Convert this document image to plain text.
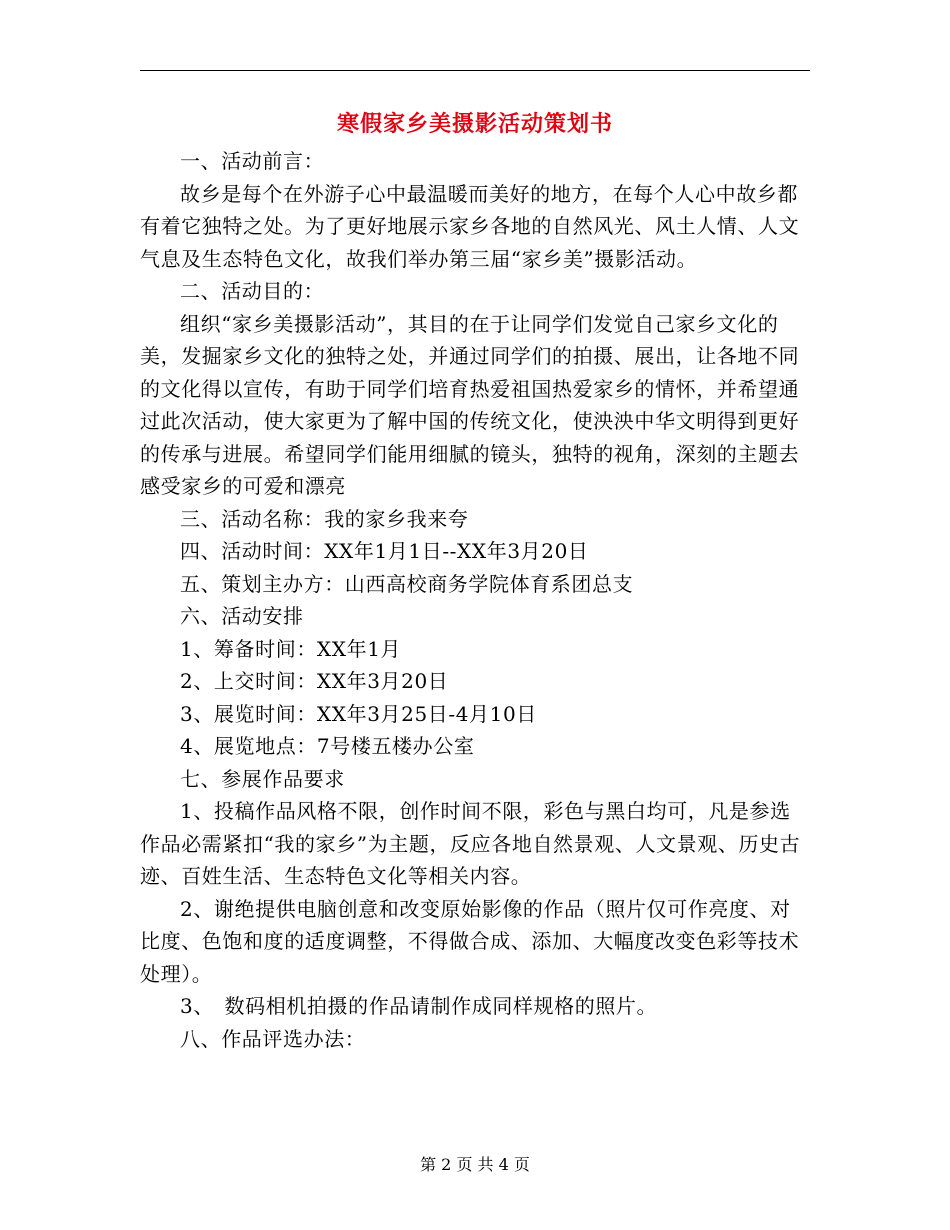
寒假家乡美摄影活动策划书

一、活动前言：

故乡是每个在外游子心中最温暖而美好的地方，在每个人心中故乡都有着它独特之处。为了更好地展示家乡各地的自然风光、风土人情、人文气息及生态特色文化，故我们举办第三届“家乡美”摄影活动。

二、活动目的：

组织“家乡美摄影活动”，其目的在于让同学们发觉自己家乡文化的美，发掘家乡文化的独特之处，并通过同学们的拍摄、展出，让各地不同的文化得以宣传，有助于同学们培育热爱祖国热爱家乡的情怀，并希望通过此次活动，使大家更为了解中国的传统文化，使泱泱中华文明得到更好的传承与进展。希望同学们能用细腻的镜头，独特的视角，深刻的主题去感受家乡的可爱和漂亮

三、活动名称：我的家乡我来夸

四、活动时间：XX年1月1日--XX年3月20日

五、策划主办方：山西高校商务学院体育系团总支

六、活动安排

1、筹备时间：XX年1月

2、上交时间：XX年3月20日

3、展览时间：XX年3月25日-4月10日

4、展览地点：7号楼五楼办公室

七、参展作品要求

1、投稿作品风格不限，创作时间不限，彩色与黑白均可，凡是参选作品必需紧扣“我的家乡”为主题，反应各地自然景观、人文景观、历史古迹、百姓生活、生态特色文化等相关内容。

2、谢绝提供电脑创意和改变原始影像的作品（照片仅可作亮度、对比度、色饱和度的适度调整，不得做合成、添加、大幅度改变色彩等技术处理）。

3、　数码相机拍摄的作品请制作成同样规格的照片。

八、作品评选办法：

第 2 页 共 4 页
